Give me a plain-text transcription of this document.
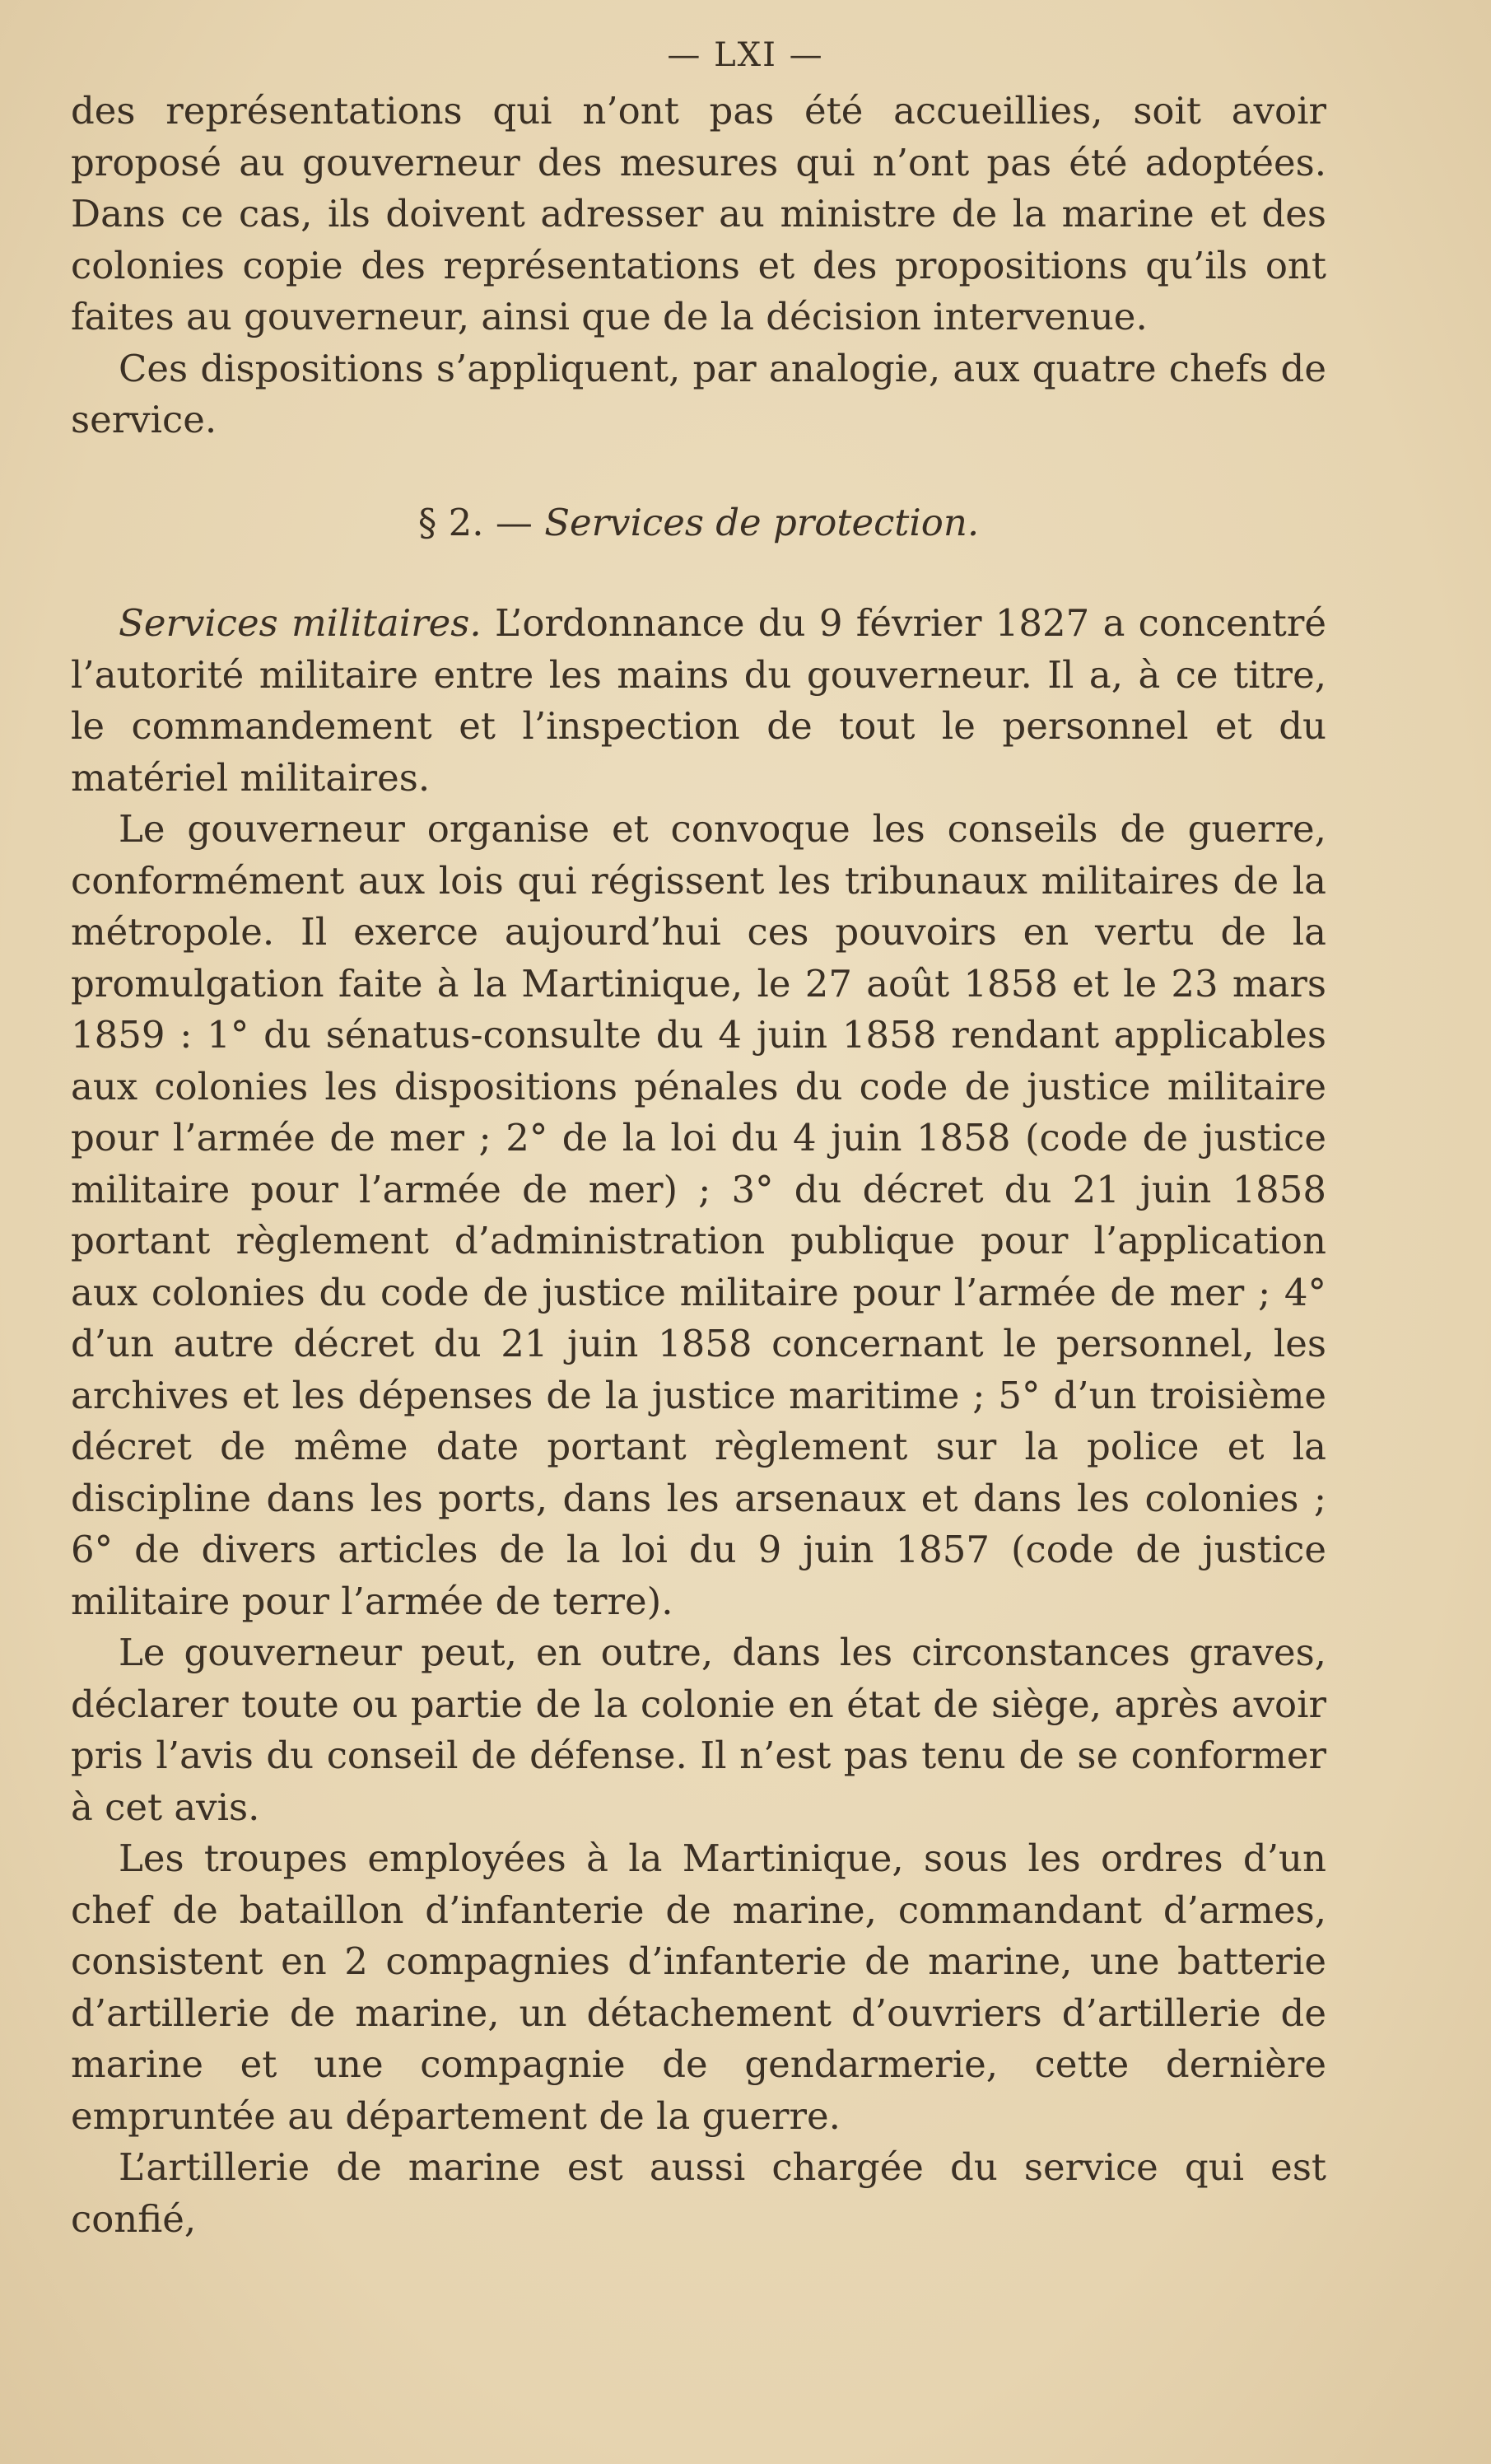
— LXI —

des représentations qui n’ont pas été accueillies, soit avoir proposé au gouverneur des mesures qui n’ont pas été adoptées. Dans ce cas, ils doivent adresser au ministre de la marine et des colonies copie des représentations et des propositions qu’ils ont faites au gouverneur, ainsi que de la décision intervenue.

Ces dispositions s’appliquent, par analogie, aux quatre chefs de service.

§ 2. — Services de protection.

Services militaires. L’ordonnance du 9 février 1827 a concentré l’autorité militaire entre les mains du gouverneur. Il a, à ce titre, le commandement et l’inspection de tout le personnel et du matériel militaires.

Le gouverneur organise et convoque les conseils de guerre, conformément aux lois qui régissent les tribunaux militaires de la métropole. Il exerce aujourd’hui ces pouvoirs en vertu de la promulgation faite à la Martinique, le 27 août 1858 et le 23 mars 1859 : 1° du sénatus-consulte du 4 juin 1858 rendant applicables aux colonies les dispositions pénales du code de justice militaire pour l’armée de mer ; 2° de la loi du 4 juin 1858 (code de justice militaire pour l’armée de mer) ; 3° du décret du 21 juin 1858 portant règlement d’administration publique pour l’application aux colonies du code de justice militaire pour l’armée de mer ; 4° d’un autre décret du 21 juin 1858 concernant le personnel, les archives et les dépenses de la justice maritime ; 5° d’un troisième décret de même date portant règlement sur la police et la discipline dans les ports, dans les arsenaux et dans les colonies ; 6° de divers articles de la loi du 9 juin 1857 (code de justice militaire pour l’armée de terre).

Le gouverneur peut, en outre, dans les circonstances graves, déclarer toute ou partie de la colonie en état de siège, après avoir pris l’avis du conseil de défense. Il n’est pas tenu de se conformer à cet avis.

Les troupes employées à la Martinique, sous les ordres d’un chef de bataillon d’infanterie de marine, commandant d’armes, consistent en 2 compagnies d’infanterie de marine, une batterie d’artillerie de marine, un détachement d’ouvriers d’artillerie de marine et une compagnie de gendarmerie, cette dernière empruntée au département de la guerre.

L’artillerie de marine est aussi chargée du service qui est confié,
